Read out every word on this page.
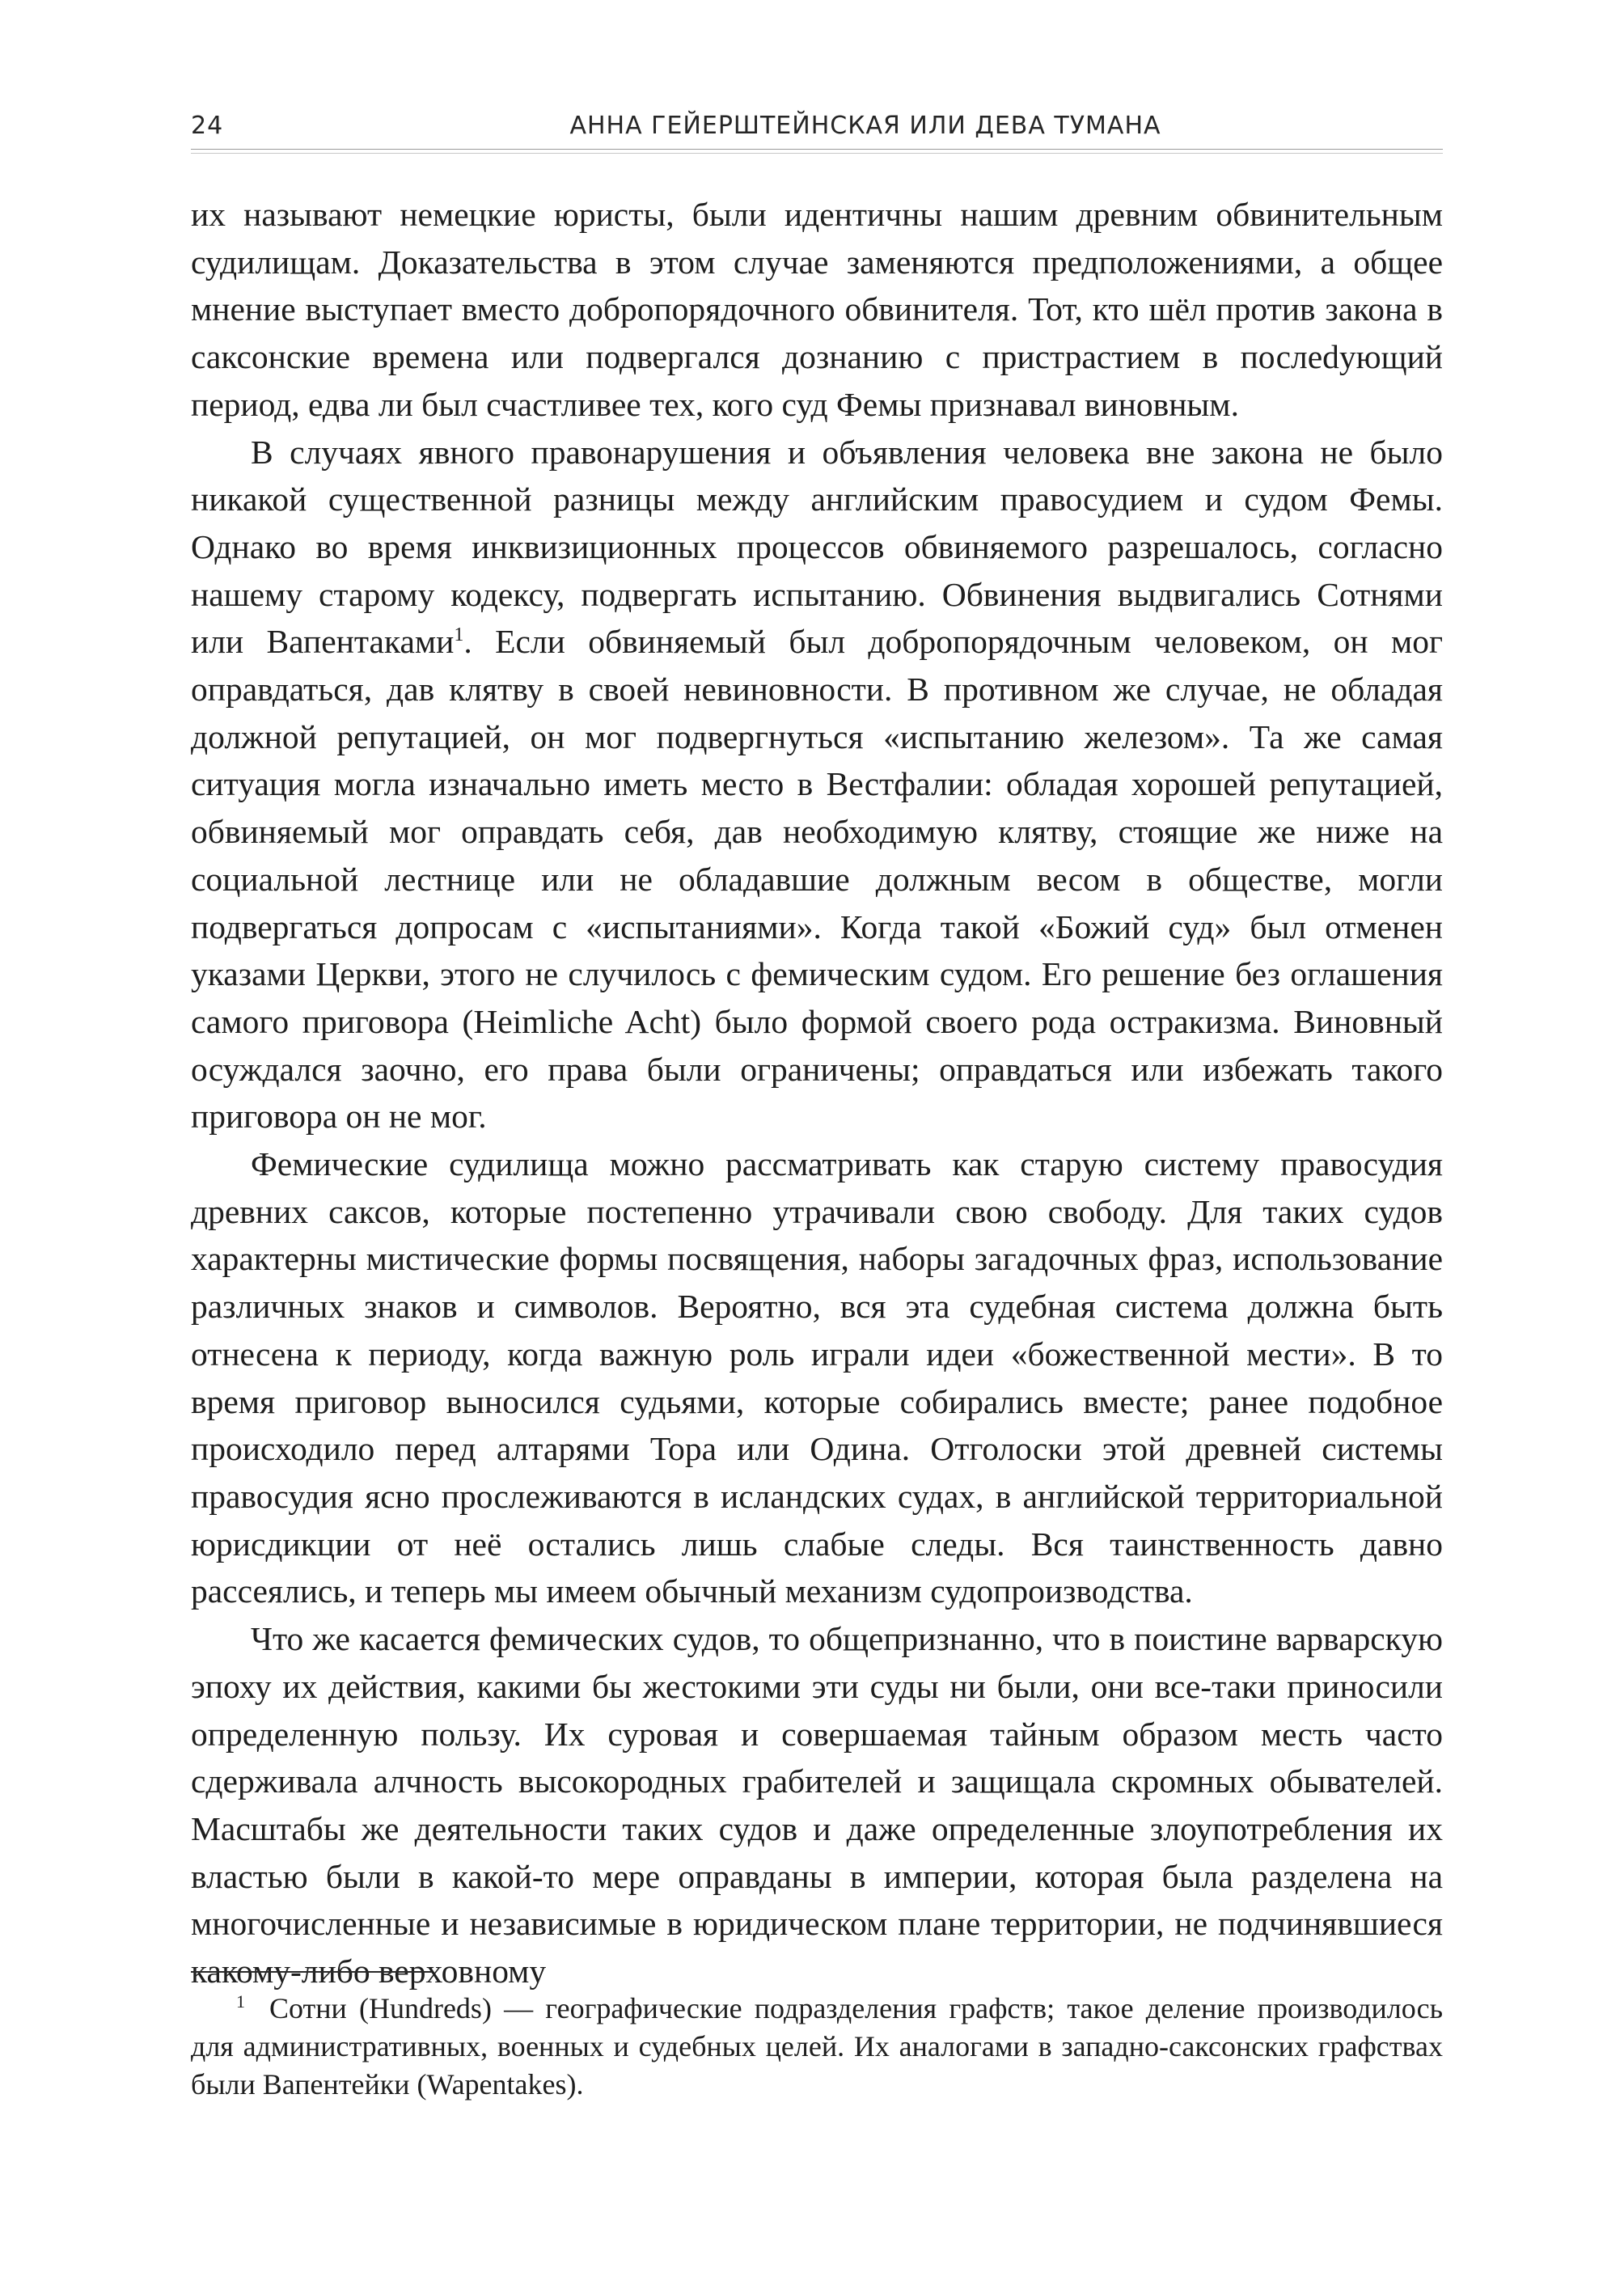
24	АННА ГЕЙЕРШТЕЙНСКАЯ ИЛИ ДЕВА ТУМАНА

их называют немецкие юристы, были идентичны нашим древним обвинительным судилищам. Доказательства в этом случае заменяются предположениями, а общее мнение выступает вместо добропорядочного обвинителя. Тот, кто шёл против закона в саксонские времена или подвергался дознанию с пристрастием в послеdующий период, едва ли был счастливее тех, кого суд Фемы признавал виновным.

В случаях явного правонарушения и объявления человека вне закона не было никакой существенной разницы между английским правосудием и судом Фемы. Однако во время инквизиционных процессов обвиняемого разрешалось, согласно нашему старому кодексу, подвергать испытанию. Обвинения выдвигались Сотнями или Вапентаками$^1$. Если обвиняемый был добропорядочным человеком, он мог оправдаться, дав клятву в своей невиновности. В противном же случае, не обладая должной репутацией, он мог подвергнуться «испытанию железом». Та же самая ситуация могла изначально иметь место в Вестфалии: обладая хорошей репутацией, обвиняемый мог оправдать себя, дав необходимую клятву, стоящие же ниже на социальной лестнице или не обладавшие должным весом в обществе, могли подвергаться допросам с «испытаниями». Когда такой «Божий суд» был отменен указами Церкви, этого не случилось с фемическим судом. Его решение без оглашения самого приговора (Heimliche Acht) было формой своего рода остракизма. Виновный осуждался заочно, его права были ограничены; оправдаться или избежать такого приговора он не мог.

Фемические судилища можно рассматривать как старую систему правосудия древних саксов, которые постепенно утрачивали свою свободу. Для таких судов характерны мистические формы посвящения, наборы загадочных фраз, использование различных знаков и символов. Вероятно, вся эта судебная система должна быть отнесена к периоду, когда важную роль играли идеи «божественной мести». В то время приговор выносился судьями, которые собирались вместе; ранее подобное происходило перед алтарями Тора или Одина. Отголоски этой древней системы правосудия ясно прослеживаются в исландских судах, в английской территориальной юрисдикции от неё остались лишь слабые следы. Вся таинственность давно рассеялись, и теперь мы имеем обычный механизм судопроизводства.

Что же касается фемических судов, то общепризнанно, что в поистине варварскую эпоху их действия, какими бы жестокими эти суды ни были, они все-таки приносили определенную пользу. Их суровая и совершаемая тайным образом месть часто сдерживала алчность высокородных грабителей и защищала скромных обывателей. Масштабы же деятельности таких судов и даже определенные злоупотребления их властью были в какой-то мере оправданы в империи, которая была разделена на многочисленные и независимые в юридическом плане территории, не подчинявшиеся какому-либо верховному

$^1$ Сотни (Hundreds) — географические подразделения графств; такое деление производилось для административных, военных и судебных целей. Их аналогами в западно-саксонских графствах были Вапентейки (Wapentakes).
